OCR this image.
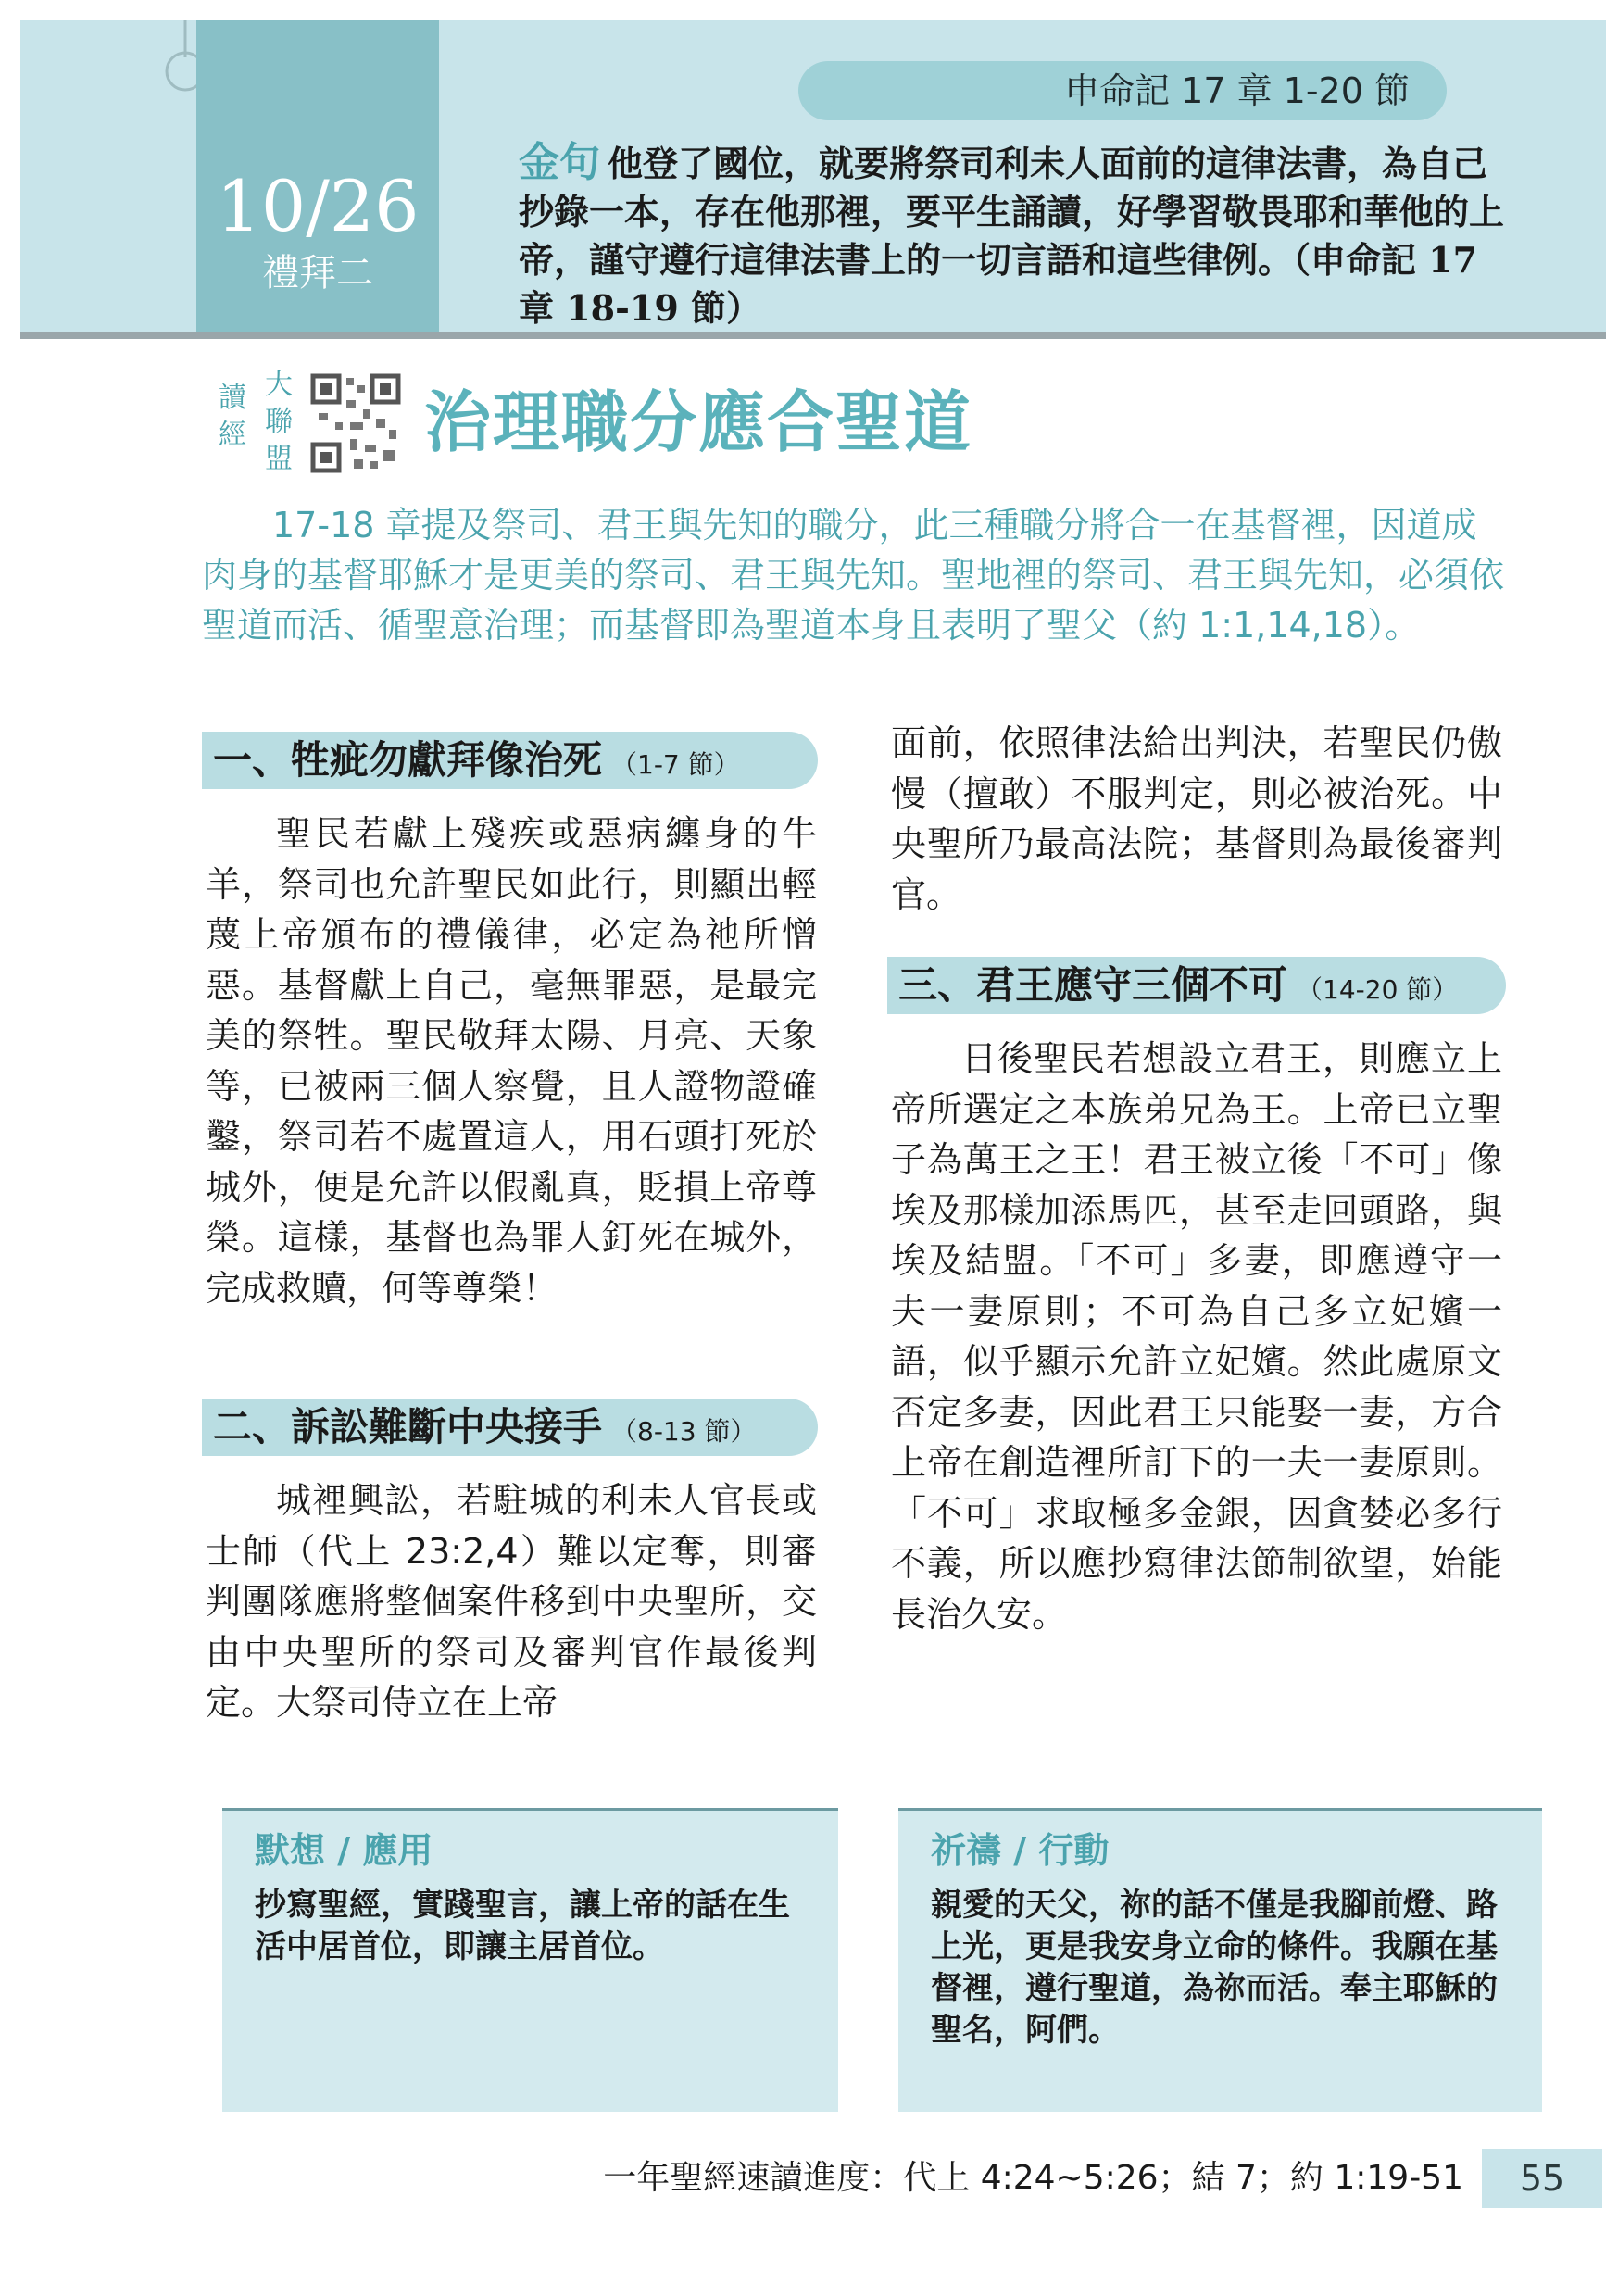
10/26
禮拜二
申命記 17 章 1-20 節
金句 他登了國位，就要將祭司利未人面前的這律法書，為自己抄錄一本，存在他那裡，要平生誦讀，好學習敬畏耶和華他的上帝，謹守遵行這律法書上的一切言語和這些律例。（申命記 17 章 18-19 節）
讀經
大聯盟 治理職分應合聖道
17-18 章提及祭司、君王與先知的職分，此三種職分將合一在基督裡，因道成肉身的基督耶穌才是更美的祭司、君王與先知。聖地裡的祭司、君王與先知，必須依聖道而活、循聖意治理；而基督即為聖道本身且表明了聖父（約 1:1,14,18）。
一、牲疵勿獻拜像治死 （1-7 節）
聖民若獻上殘疾或惡病纏身的牛羊，祭司也允許聖民如此行，則顯出輕蔑上帝頒布的禮儀律，必定為祂所憎惡。基督獻上自己，毫無罪惡，是最完美的祭牲。聖民敬拜太陽、月亮、天象等，已被兩三個人察覺，且人證物證確鑿，祭司若不處置這人，用石頭打死於城外，便是允許以假亂真，貶損上帝尊榮。這樣，基督也為罪人釘死在城外，完成救贖，何等尊榮！
二、訴訟難斷中央接手 （8-13 節）
城裡興訟，若駐城的利未人官長或士師（代上 23:2,4）難以定奪，則審判團隊應將整個案件移到中央聖所，交由中央聖所的祭司及審判官作最後判定。大祭司侍立在上帝
面前，依照律法給出判決，若聖民仍傲慢（擅敢）不服判定，則必被治死。中央聖所乃最高法院；基督則為最後審判官。
三、君王應守三個不可 （14-20 節）
日後聖民若想設立君王，則應立上帝所選定之本族弟兄為王。上帝已立聖子為萬王之王！君王被立後「不可」像埃及那樣加添馬匹，甚至走回頭路，與埃及結盟。「不可」多妻，即應遵守一夫一妻原則；不可為自己多立妃嬪一語，似乎顯示允許立妃嬪。然此處原文否定多妻，因此君王只能娶一妻，方合上帝在創造裡所訂下的一夫一妻原則。「不可」求取極多金銀，因貪婪必多行不義，所以應抄寫律法節制欲望，始能長治久安。
默想 / 應用
抄寫聖經，實踐聖言，讓上帝的話在生活中居首位，即讓主居首位。
祈禱 / 行動
親愛的天父，祢的話不僅是我腳前燈、路上光，更是我安身立命的條件。我願在基督裡，遵行聖道，為祢而活。奉主耶穌的聖名，阿們。
一年聖經速讀進度：代上 4:24~5:26；結 7；約 1:19-51	55
